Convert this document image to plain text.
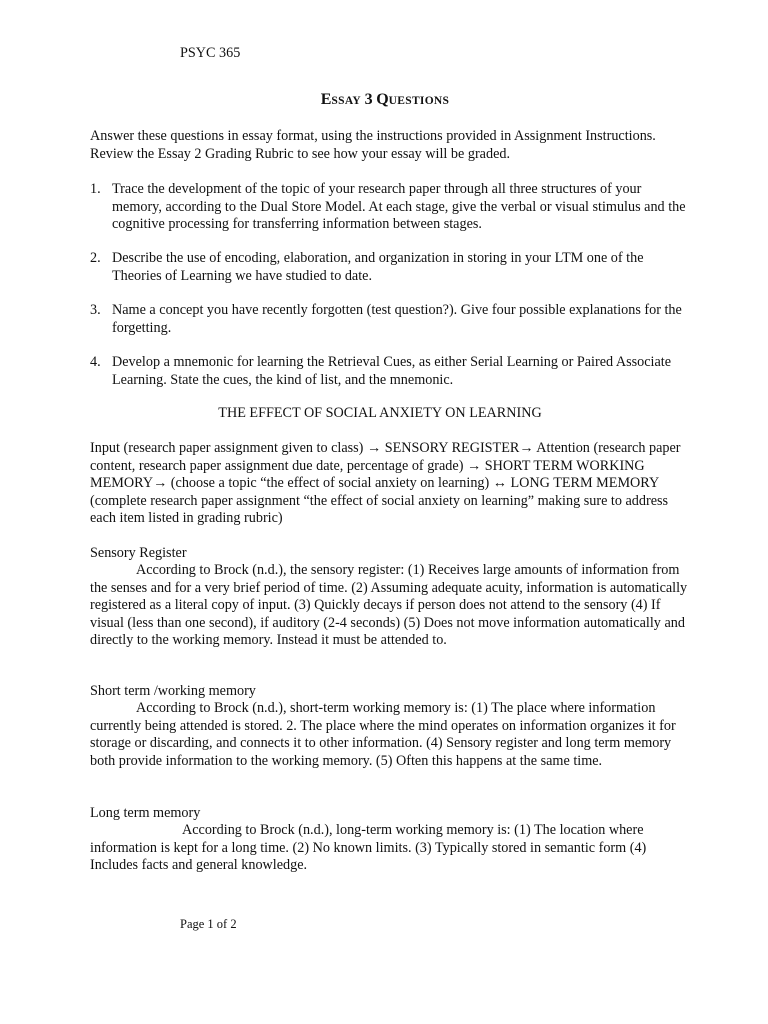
PSYC 365
ESSAY 3 QUESTIONS
Answer these questions in essay format, using the instructions provided in Assignment Instructions. Review the Essay 2 Grading Rubric to see how your essay will be graded.
1. Trace the development of the topic of your research paper through all three structures of your memory, according to the Dual Store Model. At each stage, give the verbal or visual stimulus and the cognitive processing for transferring information between stages.
2. Describe the use of encoding, elaboration, and organization in storing in your LTM one of the Theories of Learning we have studied to date.
3. Name a concept you have recently forgotten (test question?). Give four possible explanations for the forgetting.
4. Develop a mnemonic for learning the Retrieval Cues, as either Serial Learning or Paired Associate Learning. State the cues, the kind of list, and the mnemonic.
THE EFFECT OF SOCIAL ANXIETY ON LEARNING
Input (research paper assignment given to class) → SENSORY REGISTER→ Attention (research paper content, research paper assignment due date, percentage of grade) → SHORT TERM WORKING MEMORY→ (choose a topic “the effect of social anxiety on learning) ↔ LONG TERM MEMORY (complete research paper assignment “the effect of social anxiety on learning” making sure to address each item listed in grading rubric)
Sensory Register
According to Brock (n.d.), the sensory register: (1) Receives large amounts of information from the senses and for a very brief period of time. (2) Assuming adequate acuity, information is automatically registered as a literal copy of input. (3) Quickly decays if person does not attend to the sensory (4) If visual (less than one second), if auditory (2-4 seconds) (5) Does not move information automatically and directly to the working memory. Instead it must be attended to.
Short term /working memory
According to Brock (n.d.), short-term working memory is: (1) The place where information currently being attended is stored. 2. The place where the mind operates on information organizes it for storage or discarding, and connects it to other information. (4) Sensory register and long term memory both provide information to the working memory. (5) Often this happens at the same time.
Long term memory
According to Brock (n.d.), long-term working memory is: (1) The location where information is kept for a long time. (2) No known limits. (3) Typically stored in semantic form (4) Includes facts and general knowledge.
Page 1 of 2
